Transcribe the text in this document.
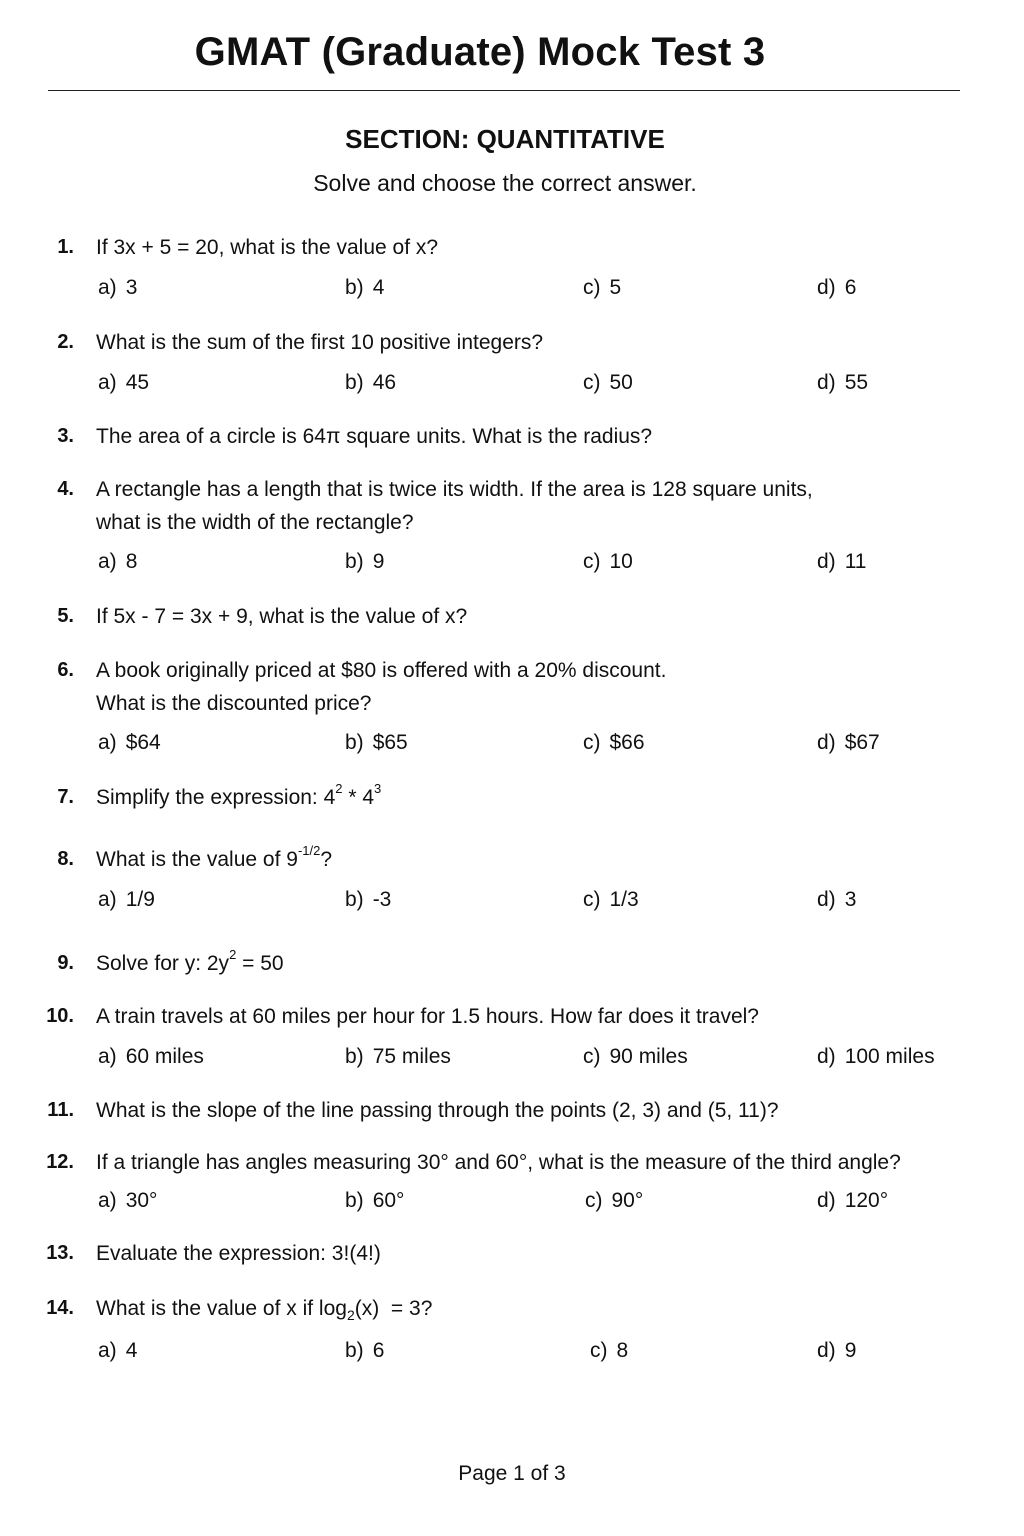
GMAT (Graduate) Mock Test 3
SECTION: QUANTITATIVE
Solve and choose the correct answer.
1. If 3x + 5 = 20, what is the value of x?
a) 3	b) 4	c) 5	d) 6
2. What is the sum of the first 10 positive integers?
a) 45	b) 46	c) 50	d) 55
3. The area of a circle is 64π square units. What is the radius?
4. A rectangle has a length that is twice its width. If the area is 128 square units,
what is the width of the rectangle?
a) 8	b) 9	c) 10	d) 11
5. If 5x - 7 = 3x + 9, what is the value of x?
6. A book originally priced at $80 is offered with a 20% discount.
What is the discounted price?
a) $64	b) $65	c) $66	d) $67
7. Simplify the expression: $4^2 * 4^3$
8. What is the value of $9^{-1/2}$?
a) 1/9	b) -3	c) 1/3	d) 3
9. Solve for y: $2y^2 = 50$
10. A train travels at 60 miles per hour for 1.5 hours. How far does it travel?
a) 60 miles	b) 75 miles	c) 90 miles	d) 100 miles
11. What is the slope of the line passing through the points (2, 3) and (5, 11)?
12. If a triangle has angles measuring 30° and 60°, what is the measure of the third angle?
a) 30°	b) 60°	c) 90°	d) 120°
13. Evaluate the expression: 3!(4!)
14. What is the value of x if $\log_2(x) = 3$?
a) 4	b) 6	c) 8	d) 9
Page 1 of 3
